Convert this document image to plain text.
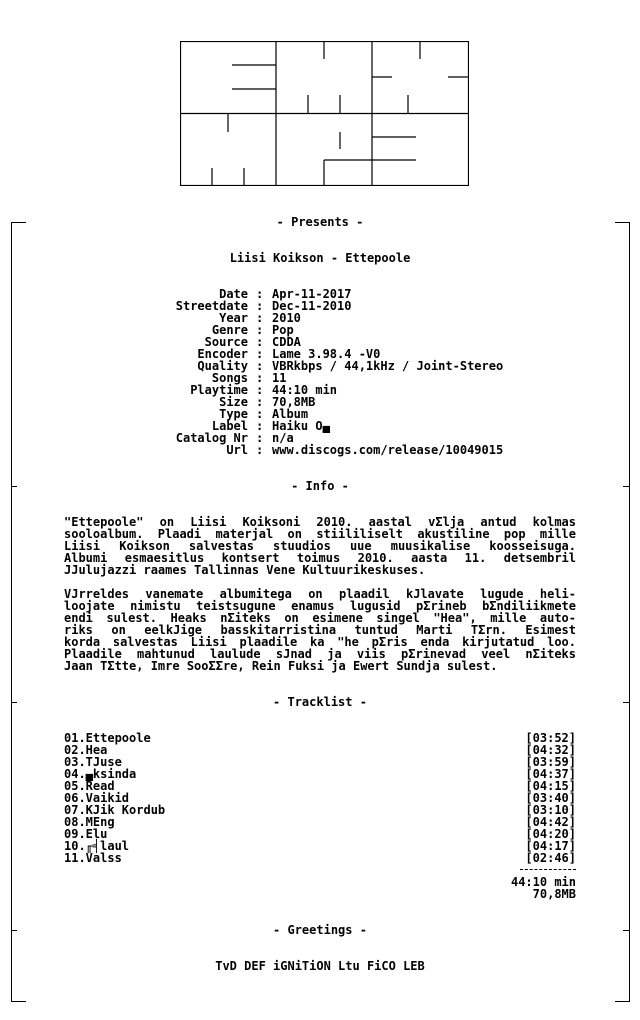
- Presents -
Liisi Koikson - Ettepoole
Date : Apr-11-2017
Streetdate : Dec-11-2010
Year : 2010
Genre : Pop
Source : CDDA
Encoder : Lame 3.98.4 -V0
Quality : VBRkbps / 44,1kHz / Joint-Stereo
Songs : 11
Playtime : 44:10 min
Size : 70,8MB
Type : Album
Label : Haiku O▄
Catalog Nr : n/a
Url : www.discogs.com/release/10049015
- Info -
"Ettepoole" on Liisi Koiksoni 2010. aastal vΣlja antud kolmas
sooloalbum. Plaadi materjal on stiililiselt akustiline pop mille
Liisi Koikson salvestas stuudios uue muusikalise koosseisuga.
Albumi esmaesitlus kontsert toimus 2010. aasta 11. detsembril
JJulujazzi raames Tallinnas Vene Kultuurikeskuses.
VJrreldes vanemate albumitega on plaadil kJlavate lugude heli-
loojate nimistu teistsugune enamus lugusid pΣrineb bΣndiliikmete
endi sulest. Heaks nΣiteks on esimene singel "Hea", mille auto-
riks on eelkJige basskitarristina tuntud Marti TΣrn. Esimest
korda salvestas Liisi plaadile ka "he pΣris enda kirjutatud loo.
Plaadile mahtunud laulude sJnad ja viis pΣrinevad veel nΣiteks
Jaan TΣtte, Imre SooΣΣre, Rein Fuksi ja Ewert Sundja sulest.
- Tracklist -
01.Ettepoole	[03:52]
02.Hea	[04:32]
03.TJuse	[03:59]
04.▄ksinda	[04:37]
05.Read	[04:15]
06.Vaikid	[03:40]
07.KJik Kordub	[03:10]
08.MEng	[04:42]
09.Elu	[04:20]
10.╓╡laul	[04:17]
11.Valss	[02:46]
44:10 min
70,8MB
- Greetings -
TvD DEF iGNiTiON Ltu FiCO LEB
